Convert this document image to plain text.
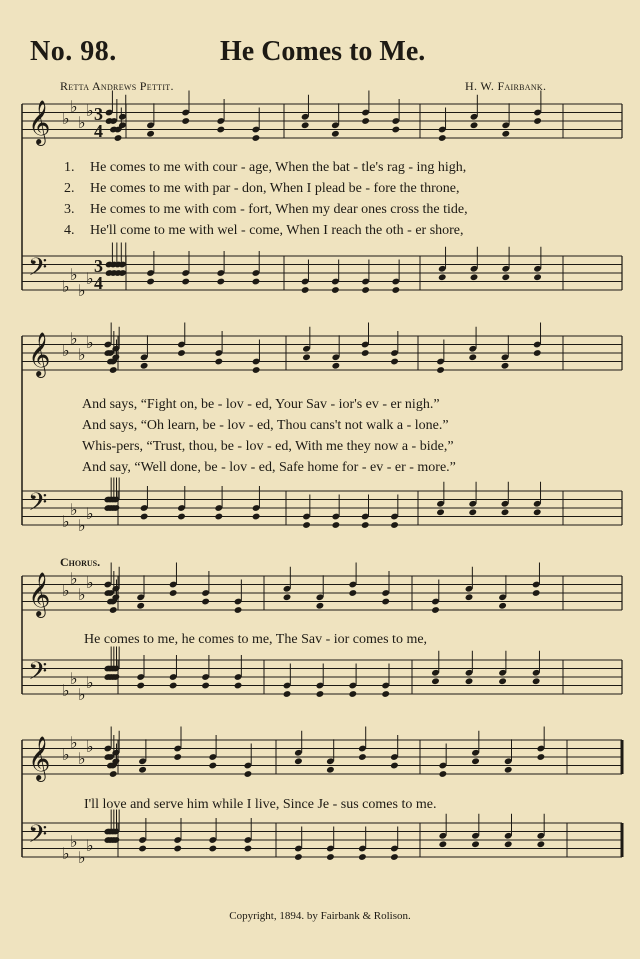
No. 98.	He Comes to Me.
Retta Andrews Pettit.	H. W. Fairbank.
𝄞
𝄢
♭
♭
♭
♭
♭
♭
♭
♭
3
4
3
4
𝄞
𝄢
♭
♭
♭
♭
♭
♭
♭
♭
𝄞
𝄢
♭
♭
♭
♭
♭
♭
♭
♭
𝄞
𝄢
♭
♭
♭
♭
♭
♭
♭
♭
1. He comes to me with cour - age, When the bat - tle's rag - ing high,
2. He comes to me with par - don, When I plead be - fore the throne,
3. He comes to me with com - fort, When my dear ones cross the tide,
4. He'll come to me with wel - come, When I reach the oth - er shore,
And says, “Fight on, be - lov - ed, Your Sav - ior's ev - er nigh.”
And says, “Oh learn, be - lov - ed, Thou cans't not walk a - lone.”
Whis-pers, “Trust, thou, be - lov - ed, With me they now a - bide,”
And say, “Well done, be - lov - ed, Safe home for - ev - er - more.”
Chorus.
He comes to me, he comes to me, The Sav - ior comes to me,
I'll love and serve him while I live, Since Je - sus comes to me.
Copyright, 1894. by Fairbank & Rolison.
